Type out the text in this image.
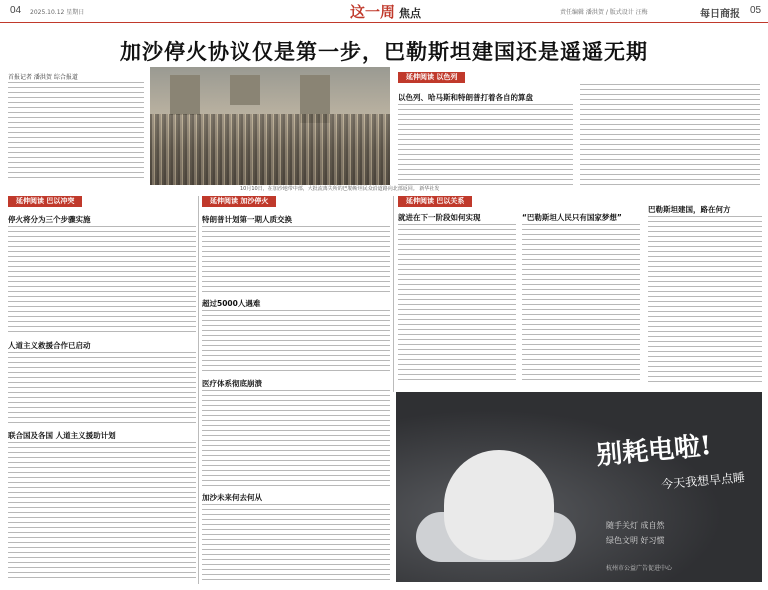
04 2025.10.12 星期日	这一周 焦点	责任编辑 潘洪贺 / 版式设计 汪梅	每日商报 05
加沙停火协议仅是第一步，巴勒斯坦建国还是遥遥无期
首报记者 潘洪贺 综合报道
10月10日，在加沙地带中部，大批流离失所的巴勒斯坦民众沿道路向北部返回。 新华社发
延伸阅读 以色列
以色列、哈马斯和特朗普打着各自的算盘
延伸阅读 巴以冲突	延伸阅读 加沙停火	延伸阅读 巴以关系
停火将分为三个步骤实施
人道主义救援合作已启动
联合国及各国 人道主义援助计划
特朗普计划第一期人质交换
超过5000人遇难
医疗体系彻底崩溃
加沙未来何去何从
就进在下一阶段如何实现	“巴勒斯坦人民只有国家梦想”
巴勒斯坦建国，路在何方
别耗电啦!
今天我想早点睡
随手关灯 成自然
绿色文明 好习惯
杭州市公益广告促进中心
